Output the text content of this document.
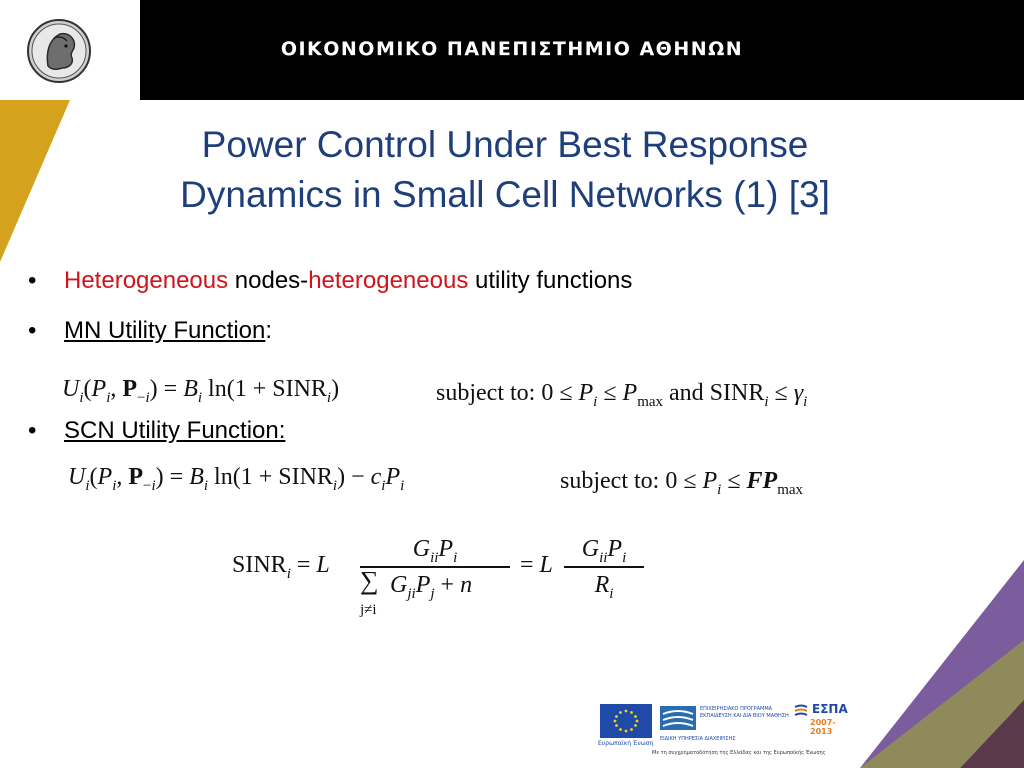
ΟΙΚΟΝΟΜΙΚΟ ΠΑΝΕΠΙΣΤΗΜΙΟ ΑΘΗΝΩΝ
Power Control Under Best Response
Dynamics in Small Cell Networks (1) [3]
• Heterogeneous nodes-heterogeneous utility functions
• MN Utility Function:
$U_i(P_i$, $P_{-i}) = B_i$ $\ln(1 + SINR_i)$	subject to: $0 \le P_i \le P_{max}$ and $SINR_i \le \gamma_i$
• SCN Utility Function:
$U_i(P_i$, $P_{-i}) = B_i$ $\ln(1 + SINR_i) - c_iP_i$	subject to: $0 \le P_i \le FP_{max}$
$SINR_i = L$
$G_{ii}P_i$
∑ $G_{ji}P_j + n$
j≠i
= L
$G_{ii}P_i$
$R_i$
Ευρωπαϊκή Ένωση
ΕΠΙΧΕΙΡΗΣΙΑΚΟ ΠΡΟΓΡΑΜΜΑ ΕΚΠΑΙΔΕΥΣΗ ΚΑΙ ΔΙΑ ΒΙΟΥ ΜΑΘΗΣΗ
ΕΙΔΙΚΗ ΥΠΗΡΕΣΙΑ ΔΙΑΧΕΙΡΙΣΗΣ
ΕΣΠΑ
2007-2013
Με τη συγχρηματοδότηση της Ελλάδας και της Ευρωπαϊκής Ένωσης
